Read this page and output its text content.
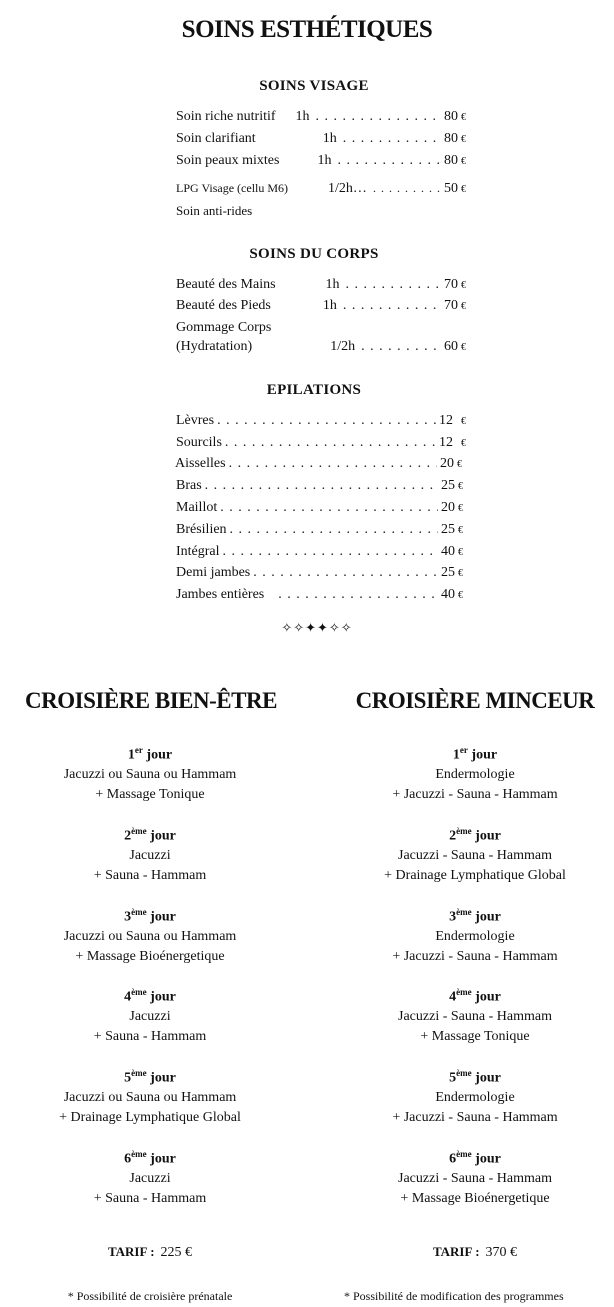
SOINS ESTHÉTIQUES
SOINS VISAGE
Soin riche nutritif 1h . . .	80 €
Soin clarifiant	1h . . .	80 €
Soin peaux mixtes	1h . . .	80 €
LPG Visage (cellu M6)	1/2h… . . .	50 €
Soin anti-rides
SOINS DU CORPS
Beauté des Mains	1h . . .	70 €
Beauté des Pieds	1h . . .	70 €
Gommage Corps
(Hydratation)	1/2h . . .	60 €
EPILATIONS
Lèvres . . .	12 €
Sourcils . . .	12 €
Aisselles . . .	20 €
Bras . . .	25 €
Maillot . . .	20 €
Brésilien . . .	25 €
Intégral . . .	40 €
Demi jambes . . .	25 €
Jambes entières . . .	40 €
✧✧✦✦✧✧
CROISIÈRE BIEN-ÊTRE	CROISIÈRE MINCEUR
1er jour
Jacuzzi ou Sauna ou Hammam
+ Massage Tonique
2ème jour
Jacuzzi
+ Sauna - Hammam
3ème jour
Jacuzzi ou Sauna ou Hammam
+ Massage Bioénergetique
4ème jour
Jacuzzi
+ Sauna - Hammam
5ème jour
Jacuzzi ou Sauna ou Hammam
+ Drainage Lymphatique Global
6ème jour
Jacuzzi
+ Sauna - Hammam
1er jour
Endermologie
+ Jacuzzi - Sauna - Hammam
2ème jour
Jacuzzi - Sauna - Hammam
+ Drainage Lymphatique Global
3ème jour
Endermologie
+ Jacuzzi - Sauna - Hammam
4ème jour
Jacuzzi - Sauna - Hammam
+ Massage Tonique
5ème jour
Endermologie
+ Jacuzzi - Sauna - Hammam
6ème jour
Jacuzzi - Sauna - Hammam
+ Massage Bioénergetique
TARIF : 225 €	TARIF : 370 €
* Possibilité de croisière prénatale	* Possibilité de modification des programmes
